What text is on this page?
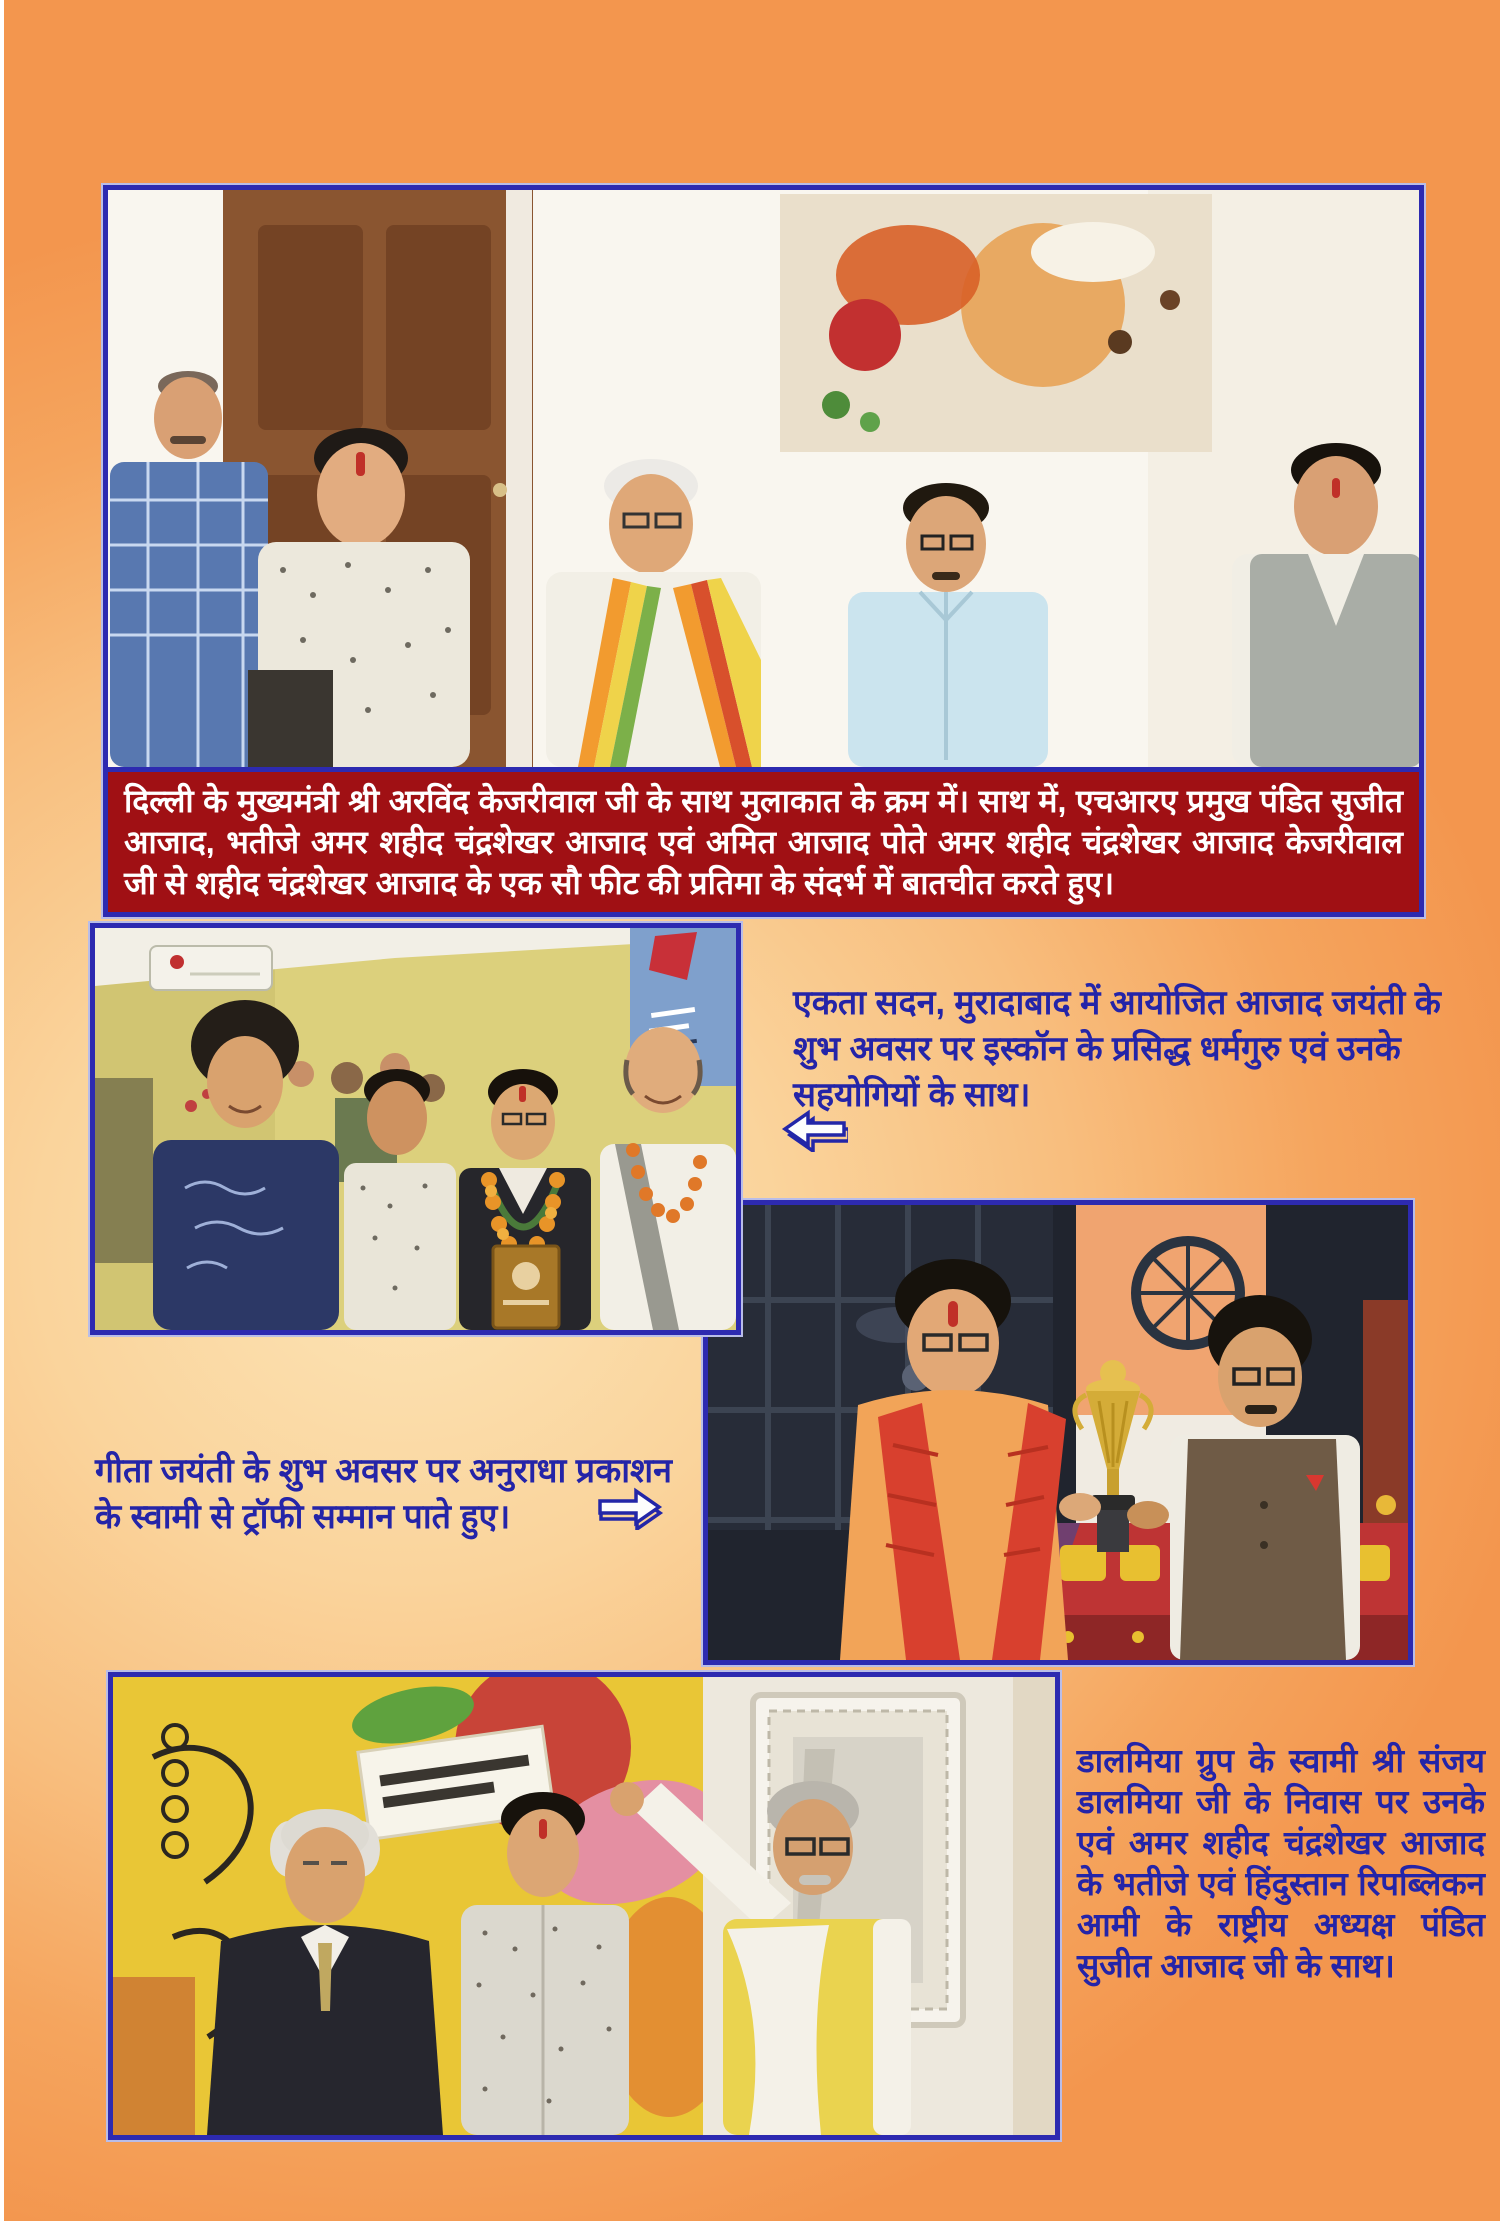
दिल्ली के मुख्यमंत्री श्री अरविंद केजरीवाल जी के साथ मुलाकात के क्रम में। साथ में, एचआरए प्रमुख पंडित सुजीत आजाद, भतीजे अमर शहीद चंद्रशेखर आजाद एवं अमित आजाद पोते अमर शहीद चंद्रशेखर आजाद केजरीवाल जी से शहीद चंद्रशेखर आजाद के एक सौ फीट की प्रतिमा के संदर्भ में बातचीत करते हुए।

एकता सदन, मुरादाबाद में आयोजित आजाद जयंती के शुभ अवसर पर इस्कॉन के प्रसिद्ध धर्मगुरु एवं उनके सहयोगियों के साथ।

गीता जयंती के शुभ अवसर पर अनुराधा प्रकाशन के स्वामी से ट्रॉफी सम्मान पाते हुए।

डालमिया ग्रुप के स्वामी श्री संजय डालमिया जी के निवास पर उनके एवं अमर शहीद चंद्रशेखर आजाद के भतीजे एवं हिंदुस्तान रिपब्लिकन आमी के राष्ट्रीय अध्यक्ष पंडित सुजीत आजाद जी के साथ।
